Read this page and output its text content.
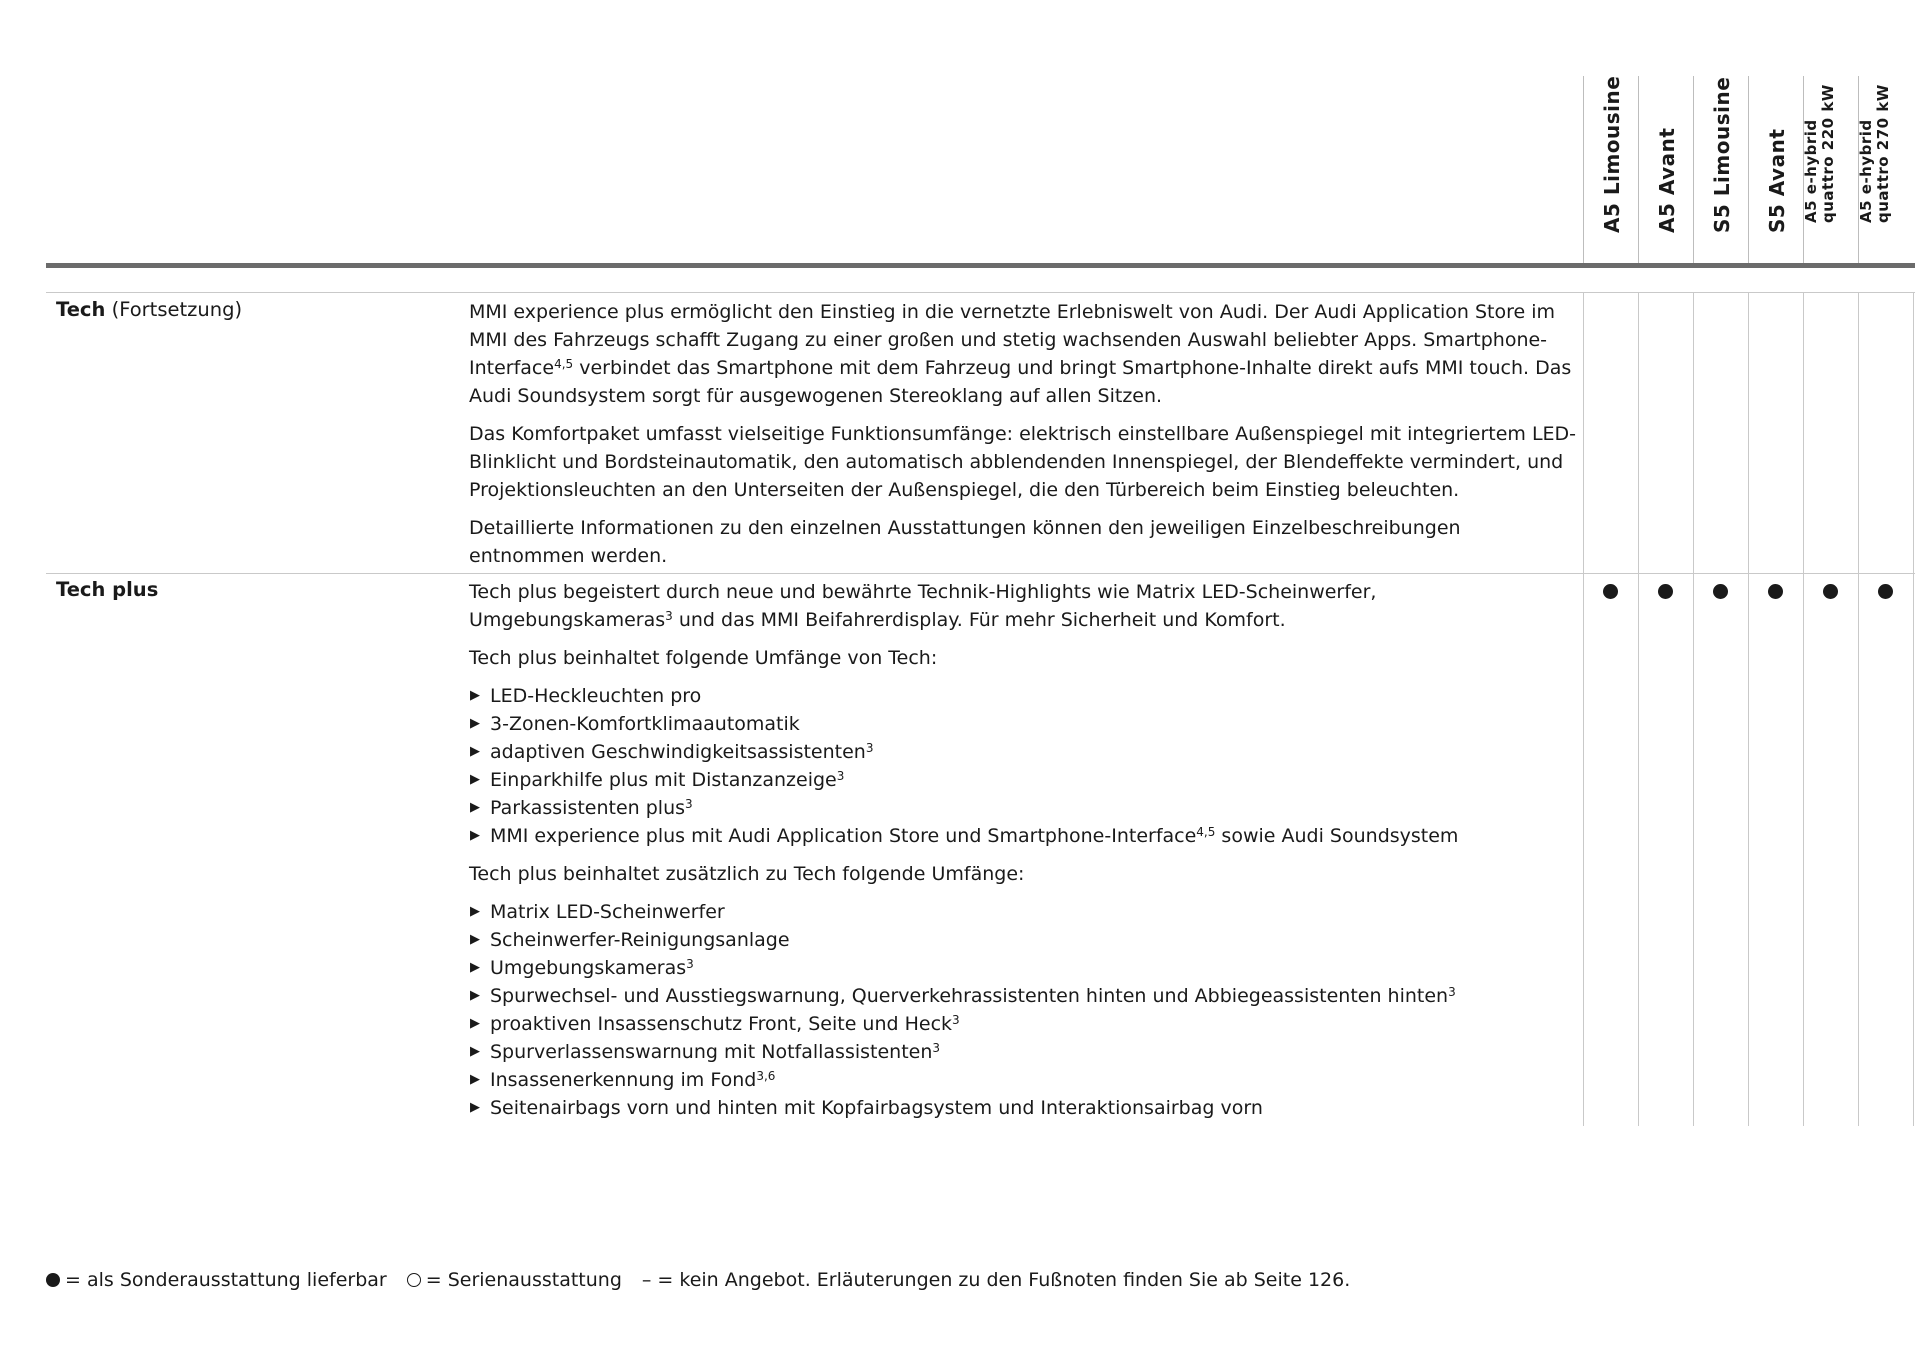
A5 Limousine A5 Avant S5 Limousine S5 Avant A5 e-hybrid quattro 220 kW A5 e-hybrid quattro 270 kW
Tech (Fortsetzung)	MMI experience plus ermöglicht den Einstieg in die vernetzte Erlebniswelt von Audi. Der Audi Application Store im MMI des Fahrzeugs schafft Zugang zu einer großen und stetig wachsenden Auswahl beliebter Apps. Smartphone-Interface$^{4,5}$ verbindet das Smartphone mit dem Fahrzeug und bringt Smartphone-Inhalte direkt aufs MMI touch. Das Audi Soundsystem sorgt für ausgewogenen Stereoklang auf allen Sitzen.

Das Komfortpaket umfasst vielseitige Funktionsumfänge: elektrisch einstellbare Außenspiegel mit integriertem LED-Blinklicht und Bordsteinautomatik, den automatisch abblendenden Innenspiegel, der Blendeffekte vermindert, und Projektionsleuchten an den Unterseiten der Außenspiegel, die den Türbereich beim Einstieg beleuchten.

Detaillierte Informationen zu den einzelnen Ausstattungen können den jeweiligen Einzelbeschreibungen entnommen werden.

Tech plus	Tech plus begeistert durch neue und bewährte Technik-Highlights wie Matrix LED-Scheinwerfer, Umgebungskameras$^3$ und das MMI Beifahrerdisplay. Für mehr Sicherheit und Komfort.

Tech plus beinhaltet folgende Umfänge von Tech:

▶ LED-Heckleuchten pro
▶ 3-Zonen-Komfortklimaautomatik
▶ adaptiven Geschwindigkeitsassistenten$^3$
▶ Einparkhilfe plus mit Distanzanzeige$^3$
▶ Parkassistenten plus$^3$
▶ MMI experience plus mit Audi Application Store und Smartphone-Interface$^{4,5}$ sowie Audi Soundsystem

Tech plus beinhaltet zusätzlich zu Tech folgende Umfänge:

▶ Matrix LED-Scheinwerfer
▶ Scheinwerfer-Reinigungsanlage
▶ Umgebungskameras$^3$
▶ Spurwechsel- und Ausstiegswarnung, Querverkehrassistenten hinten und Abbiegeassistenten hinten$^3$
▶ proaktiven Insassenschutz Front, Seite und Heck$^3$
▶ Spurverlassenswarnung mit Notfallassistenten$^3$
▶ Insassenerkennung im Fond$^{3,6}$
▶ Seitenairbags vorn und hinten mit Kopfairbagsystem und Interaktionsairbag vorn
= als Sonderausstattung lieferbar = Serienausstattung – = kein Angebot. Erläuterungen zu den Fußnoten finden Sie ab Seite 126.
